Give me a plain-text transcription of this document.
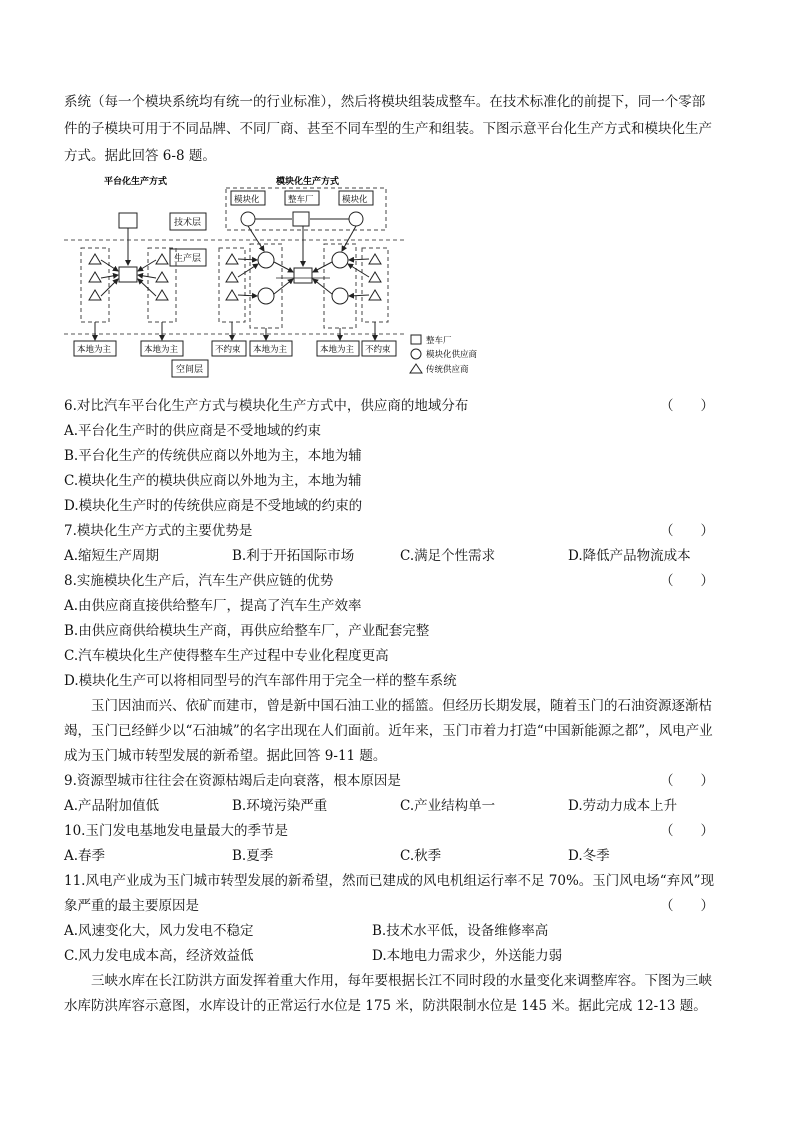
系统（每一个模块系统均有统一的行业标准），然后将模块组装成整车。在技术标准化的前提下，同一个零部
件的子模块可用于不同品牌、不同厂商、甚至不同车型的生产和组装。下图示意平台化生产方式和模块化生产
方式。据此回答 6-8 题。
平台化生产方式	模块化生产方式
技术层
生产层
空间层
本地为主	本地为主
模块化	整车厂	模块化
不约束 本地为主	本地为主 不约束
整车厂
模块化供应商
传统供应商
6.对比汽车平台化生产方式与模块化生产方式中，供应商的地域分布	（　　）
A.平台化生产时的供应商是不受地域的约束
B.平台化生产的传统供应商以外地为主，本地为辅
C.模块化生产的模块供应商以外地为主，本地为辅
D.模块化生产时的传统供应商是不受地域的约束的
7.模块化生产方式的主要优势是	（　　）
A.缩短生产周期	B.利于开拓国际市场	C.满足个性需求	D.降低产品物流成本
8.实施模块化生产后，汽车生产供应链的优势	（　　）
A.由供应商直接供给整车厂，提高了汽车生产效率
B.由供应商供给模块生产商，再供应给整车厂，产业配套完整
C.汽车模块化生产使得整车生产过程中专业化程度更高
D.模块化生产可以将相同型号的汽车部件用于完全一样的整车系统
玉门因油而兴、依矿而建市，曾是新中国石油工业的摇篮。但经历长期发展，随着玉门的石油资源逐渐枯
竭，玉门已经鲜少以“石油城”的名字出现在人们面前。近年来，玉门市着力打造“中国新能源之都”，风电产业
成为玉门城市转型发展的新希望。据此回答 9-11 题。
9.资源型城市往往会在资源枯竭后走向衰落，根本原因是	（　　）
A.产品附加值低	B.环境污染严重	C.产业结构单一	D.劳动力成本上升
10.玉门发电基地发电量最大的季节是	（　　）
A.春季	B.夏季	C.秋季	D.冬季
11.风电产业成为玉门城市转型发展的新希望，然而已建成的风电机组运行率不足 70%。玉门风电场“弃风”现
象严重的最主要原因是	（　　）
A.风速变化大，风力发电不稳定	B.技术水平低，设备维修率高
C.风力发电成本高，经济效益低	D.本地电力需求少，外送能力弱
三峡水库在长江防洪方面发挥着重大作用，每年要根据长江不同时段的水量变化来调整库容。下图为三峡
水库防洪库容示意图，水库设计的正常运行水位是 175 米，防洪限制水位是 145 米。据此完成 12-13 题。
